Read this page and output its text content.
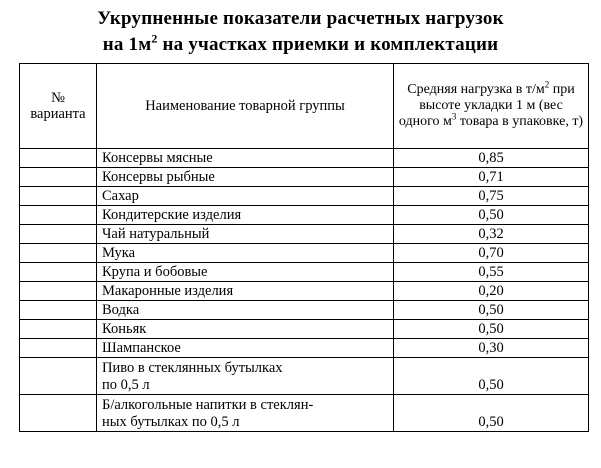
Укрупненные показатели расчетных нагрузок
на $1м^2$ на участках приемки и комплектации
№
варианта	Наименование товарной группы	Средняя нагрузка в $т/м^2$ при высоте укладки 1 м (вес одного $м^3$ товара в упаковке, т)
	Консервы мясные	0,85
	Консервы рыбные	0,71
	Сахар	0,75
	Кондитерские изделия	0,50
	Чай натуральный	0,32
	Мука	0,70
	Крупа и бобовые	0,55
	Макаронные изделия	0,20
	Водка	0,50
	Коньяк	0,50
	Шампанское	0,30

	Пиво в стеклянных бутылках
по 0,5 л	0,50

	Б/алкогольные напитки в стеклян-
ных бутылках по 0,5 л	0,50
